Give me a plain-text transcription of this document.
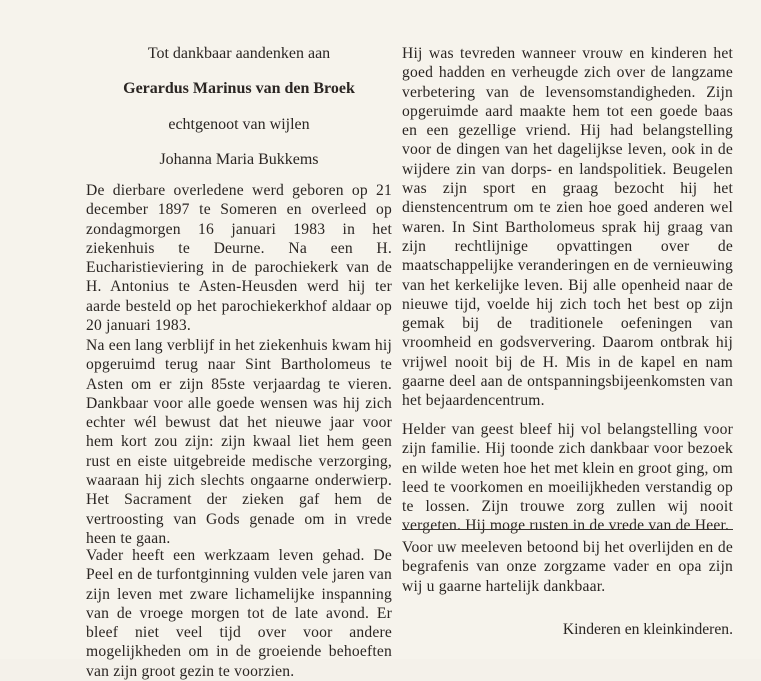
Tot dankbaar aandenken aan

Gerardus Marinus van den Broek

echtgenoot van wijlen

Johanna Maria Bukkems

De dierbare overledene werd geboren op 21 december 1897 te Someren en overleed op zondagmorgen 16 januari 1983 in het ziekenhuis te Deurne. Na een H. Eucharistieviering in de parochiekerk van de H. Antonius te Asten-Heusden werd hij ter aarde besteld op het parochiekerkhof aldaar op 20 januari 1983.

Na een lang verblijf in het ziekenhuis kwam hij opgeruimd terug naar Sint Bartholomeus te Asten om er zijn 85ste verjaardag te vieren. Dankbaar voor alle goede wensen was hij zich echter wél bewust dat het nieuwe jaar voor hem kort zou zijn: zijn kwaal liet hem geen rust en eiste uitgebreide medische verzorging, waaraan hij zich slechts ongaarne onderwierp. Het Sacrament der zieken gaf hem de vertroosting van Gods genade om in vrede heen te gaan.

Vader heeft een werkzaam leven gehad. De Peel en de turfontginning vulden vele jaren van zijn leven met zware lichamelijke inspanning van de vroege morgen tot de late avond. Er bleef niet veel tijd over voor andere mogelijkheden om in de groeiende behoeften van zijn groot gezin te voorzien.

Hij was tevreden wanneer vrouw en kinderen het goed hadden en verheugde zich over de langzame verbetering van de levensomstandigheden. Zijn opgeruimde aard maakte hem tot een goede baas en een gezellige vriend. Hij had belangstelling voor de dingen van het dagelijkse leven, ook in de wijdere zin van dorps- en landspolitiek. Beugelen was zijn sport en graag bezocht hij het dienstencentrum om te zien hoe goed anderen wel waren. In Sint Bartholomeus sprak hij graag van zijn rechtlijnige opvattingen over de maatschappelijke veranderingen en de vernieuwing van het kerkelijke leven. Bij alle openheid naar de nieuwe tijd, voelde hij zich toch het best op zijn gemak bij de traditionele oefeningen van vroomheid en godsververing. Daarom ontbrak hij vrijwel nooit bij de H. Mis in de kapel en nam gaarne deel aan de ontspanningsbijeenkomsten van het bejaardencentrum.

Helder van geest bleef hij vol belangstelling voor zijn familie. Hij toonde zich dankbaar voor bezoek en wilde weten hoe het met klein en groot ging, om leed te voorkomen en moeilijkheden verstandig op te lossen. Zijn trouwe zorg zullen wij nooit vergeten. Hij moge rusten in de vrede van de Heer.

Voor uw meeleven betoond bij het overlijden en de begrafenis van onze zorgzame vader en opa zijn wij u gaarne hartelijk dankbaar.

Kinderen en kleinkinderen.
